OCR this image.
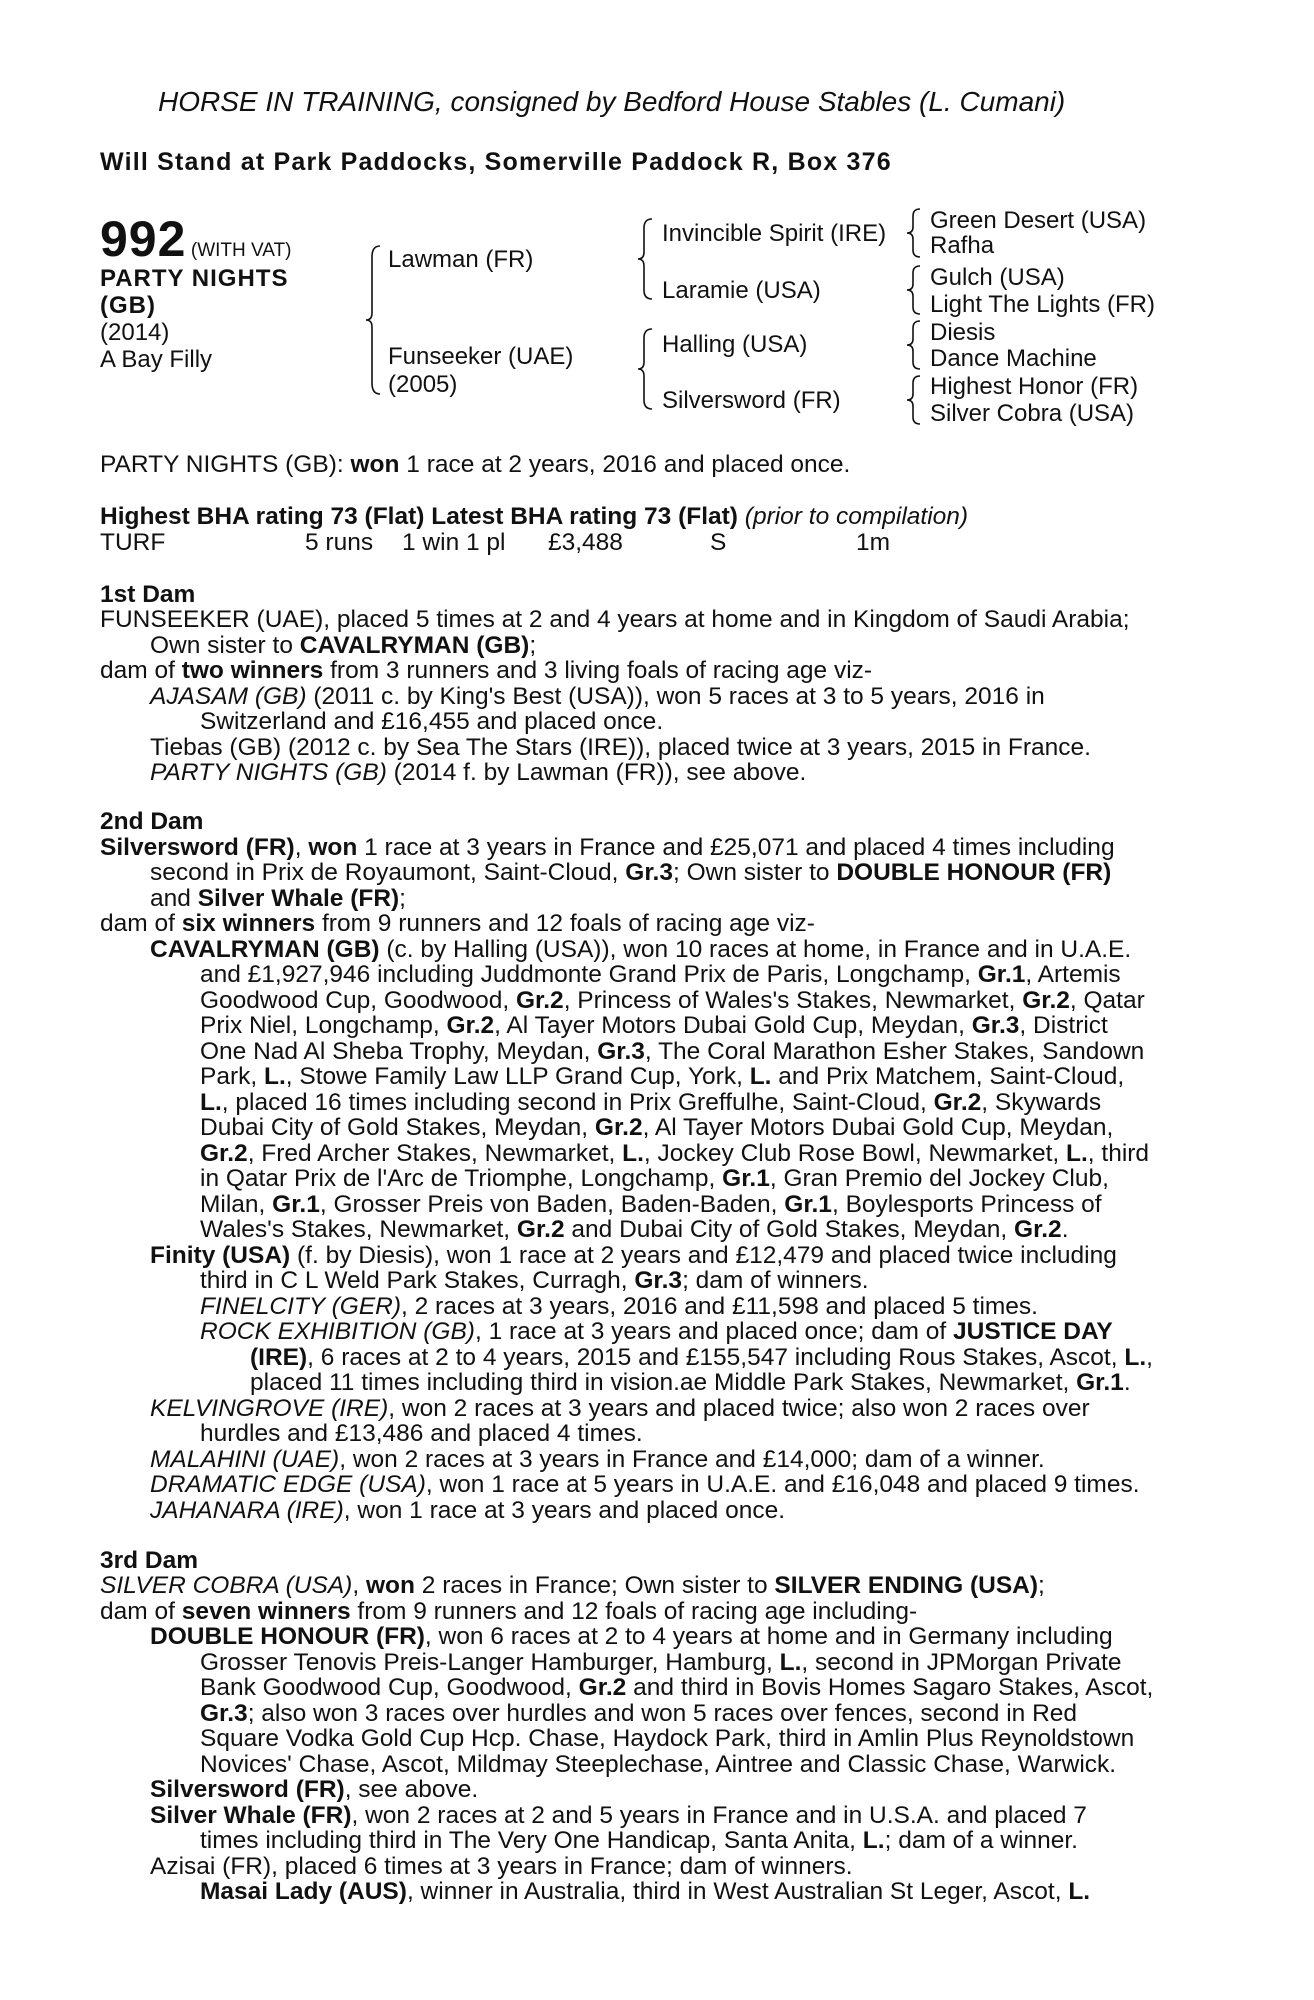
HORSE IN TRAINING, consigned by Bedford House Stables (L. Cumani)
Will Stand at Park Paddocks, Somerville Paddock R, Box 376
992 (WITH VAT)
PARTY NIGHTS
(GB)
(2014)
A Bay Filly
Lawman (FR)
Funseeker (UAE)
(2005)
Invincible Spirit (IRE)
Laramie (USA)
Halling (USA)
Silversword (FR)
Green Desert (USA)
Rafha
Gulch (USA)
Light The Lights (FR)
Diesis
Dance Machine
Highest Honor (FR)
Silver Cobra (USA)
PARTY NIGHTS (GB): won 1 race at 2 years, 2016 and placed once.
Highest BHA rating 73 (Flat) Latest BHA rating 73 (Flat) (prior to compilation)
TURF	5 runs 1 win 1 pl £3,488	S	1m
1st Dam
FUNSEEKER (UAE), placed 5 times at 2 and 4 years at home and in Kingdom of Saudi Arabia;
Own sister to CAVALRYMAN (GB);
dam of two winners from 3 runners and 3 living foals of racing age viz-
AJASAM (GB) (2011 c. by King's Best (USA)), won 5 races at 3 to 5 years, 2016 in
Switzerland and £16,455 and placed once.
Tiebas (GB) (2012 c. by Sea The Stars (IRE)), placed twice at 3 years, 2015 in France.
PARTY NIGHTS (GB) (2014 f. by Lawman (FR)), see above.
2nd Dam
Silversword (FR), won 1 race at 3 years in France and £25,071 and placed 4 times including
second in Prix de Royaumont, Saint-Cloud, Gr.3; Own sister to DOUBLE HONOUR (FR)
and Silver Whale (FR);
dam of six winners from 9 runners and 12 foals of racing age viz-
CAVALRYMAN (GB) (c. by Halling (USA)), won 10 races at home, in France and in U.A.E.
and £1,927,946 including Juddmonte Grand Prix de Paris, Longchamp, Gr.1, Artemis
Goodwood Cup, Goodwood, Gr.2, Princess of Wales's Stakes, Newmarket, Gr.2, Qatar
Prix Niel, Longchamp, Gr.2, Al Tayer Motors Dubai Gold Cup, Meydan, Gr.3, District
One Nad Al Sheba Trophy, Meydan, Gr.3, The Coral Marathon Esher Stakes, Sandown
Park, L., Stowe Family Law LLP Grand Cup, York, L. and Prix Matchem, Saint-Cloud,
L., placed 16 times including second in Prix Greffulhe, Saint-Cloud, Gr.2, Skywards
Dubai City of Gold Stakes, Meydan, Gr.2, Al Tayer Motors Dubai Gold Cup, Meydan,
Gr.2, Fred Archer Stakes, Newmarket, L., Jockey Club Rose Bowl, Newmarket, L., third
in Qatar Prix de l'Arc de Triomphe, Longchamp, Gr.1, Gran Premio del Jockey Club,
Milan, Gr.1, Grosser Preis von Baden, Baden-Baden, Gr.1, Boylesports Princess of
Wales's Stakes, Newmarket, Gr.2 and Dubai City of Gold Stakes, Meydan, Gr.2.
Finity (USA) (f. by Diesis), won 1 race at 2 years and £12,479 and placed twice including
third in C L Weld Park Stakes, Curragh, Gr.3; dam of winners.
FINELCITY (GER), 2 races at 3 years, 2016 and £11,598 and placed 5 times.
ROCK EXHIBITION (GB), 1 race at 3 years and placed once; dam of JUSTICE DAY
(IRE), 6 races at 2 to 4 years, 2015 and £155,547 including Rous Stakes, Ascot, L.,
placed 11 times including third in vision.ae Middle Park Stakes, Newmarket, Gr.1.
KELVINGROVE (IRE), won 2 races at 3 years and placed twice; also won 2 races over
hurdles and £13,486 and placed 4 times.
MALAHINI (UAE), won 2 races at 3 years in France and £14,000; dam of a winner.
DRAMATIC EDGE (USA), won 1 race at 5 years in U.A.E. and £16,048 and placed 9 times.
JAHANARA (IRE), won 1 race at 3 years and placed once.
3rd Dam
SILVER COBRA (USA), won 2 races in France; Own sister to SILVER ENDING (USA);
dam of seven winners from 9 runners and 12 foals of racing age including-
DOUBLE HONOUR (FR), won 6 races at 2 to 4 years at home and in Germany including
Grosser Tenovis Preis-Langer Hamburger, Hamburg, L., second in JPMorgan Private
Bank Goodwood Cup, Goodwood, Gr.2 and third in Bovis Homes Sagaro Stakes, Ascot,
Gr.3; also won 3 races over hurdles and won 5 races over fences, second in Red
Square Vodka Gold Cup Hcp. Chase, Haydock Park, third in Amlin Plus Reynoldstown
Novices' Chase, Ascot, Mildmay Steeplechase, Aintree and Classic Chase, Warwick.
Silversword (FR), see above.
Silver Whale (FR), won 2 races at 2 and 5 years in France and in U.S.A. and placed 7
times including third in The Very One Handicap, Santa Anita, L.; dam of a winner.
Azisai (FR), placed 6 times at 3 years in France; dam of winners.
Masai Lady (AUS), winner in Australia, third in West Australian St Leger, Ascot, L.
